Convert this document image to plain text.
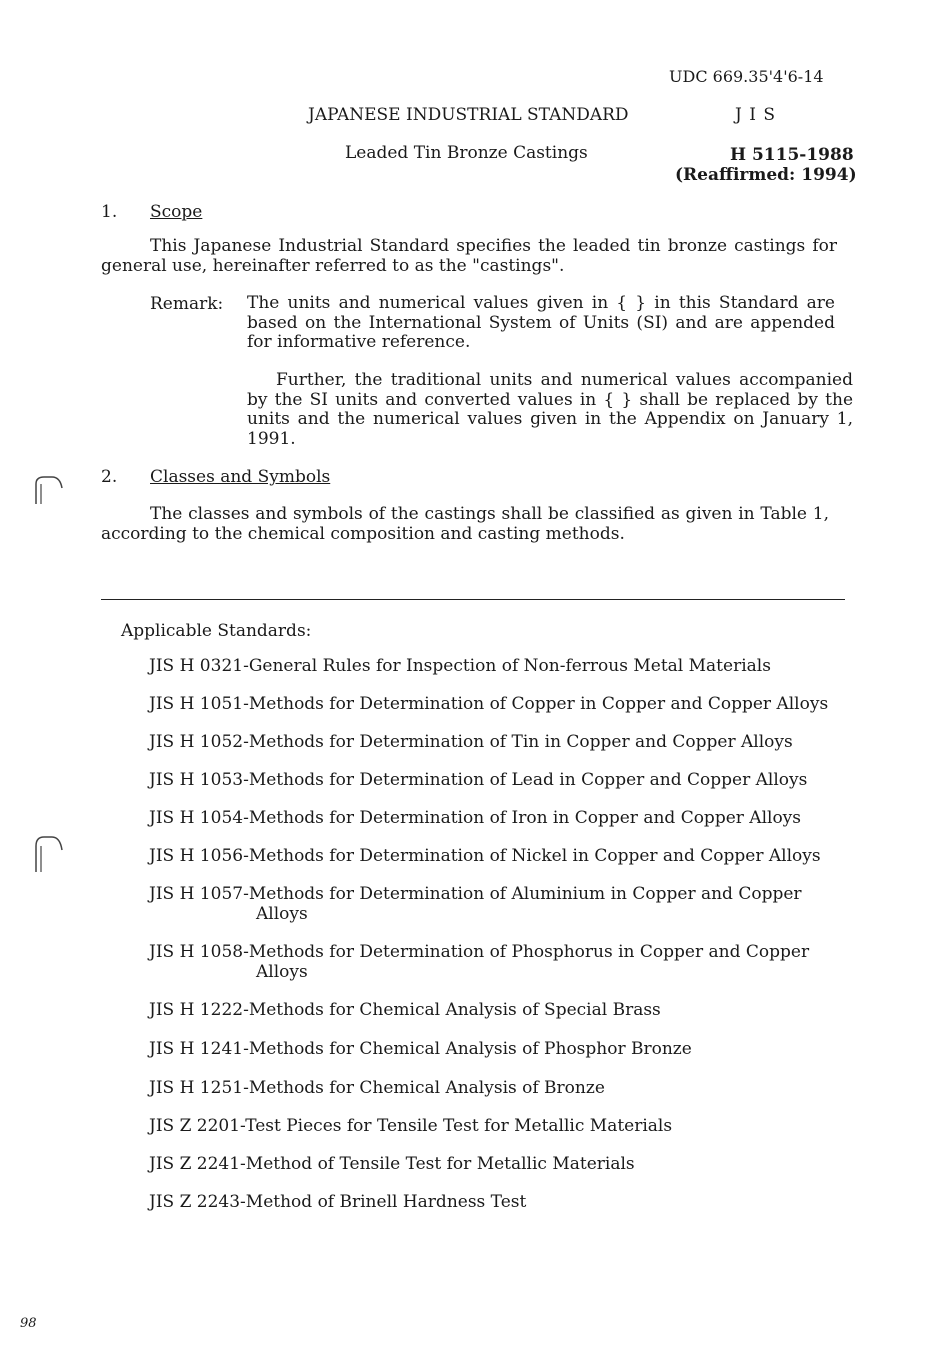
UDC 669.35'4'6-14
JAPANESE INDUSTRIAL STANDARD	J I S
Leaded Tin Bronze Castings	H 5115-1988
(Reaffirmed: 1994)
1. Scope
This Japanese Industrial Standard specifies the leaded tin bronze castings for general use, hereinafter referred to as the "castings".
Remark: The units and numerical values given in { } in this Standard are based on the International System of Units (SI) and are appended for informative reference.
Further, the traditional units and numerical values accompanied by the SI units and converted values in { } shall be replaced by the units and the numerical values given in the Appendix on January 1, 1991.
2. Classes and Symbols
The classes and symbols of the castings shall be classified as given in Table 1, according to the chemical composition and casting methods.
Applicable Standards:
JIS H 0321-General Rules for Inspection of Non-ferrous Metal Materials
JIS H 1051-Methods for Determination of Copper in Copper and Copper Alloys
JIS H 1052-Methods for Determination of Tin in Copper and Copper Alloys
JIS H 1053-Methods for Determination of Lead in Copper and Copper Alloys
JIS H 1054-Methods for Determination of Iron in Copper and Copper Alloys
JIS H 1056-Methods for Determination of Nickel in Copper and Copper Alloys
JIS H 1057-Methods for Determination of Aluminium in Copper and Copper
Alloys
JIS H 1058-Methods for Determination of Phosphorus in Copper and Copper
Alloys
JIS H 1222-Methods for Chemical Analysis of Special Brass
JIS H 1241-Methods for Chemical Analysis of Phosphor Bronze
JIS H 1251-Methods for Chemical Analysis of Bronze
JIS Z 2201-Test Pieces for Tensile Test for Metallic Materials
JIS Z 2241-Method of Tensile Test for Metallic Materials
JIS Z 2243-Method of Brinell Hardness Test
98
